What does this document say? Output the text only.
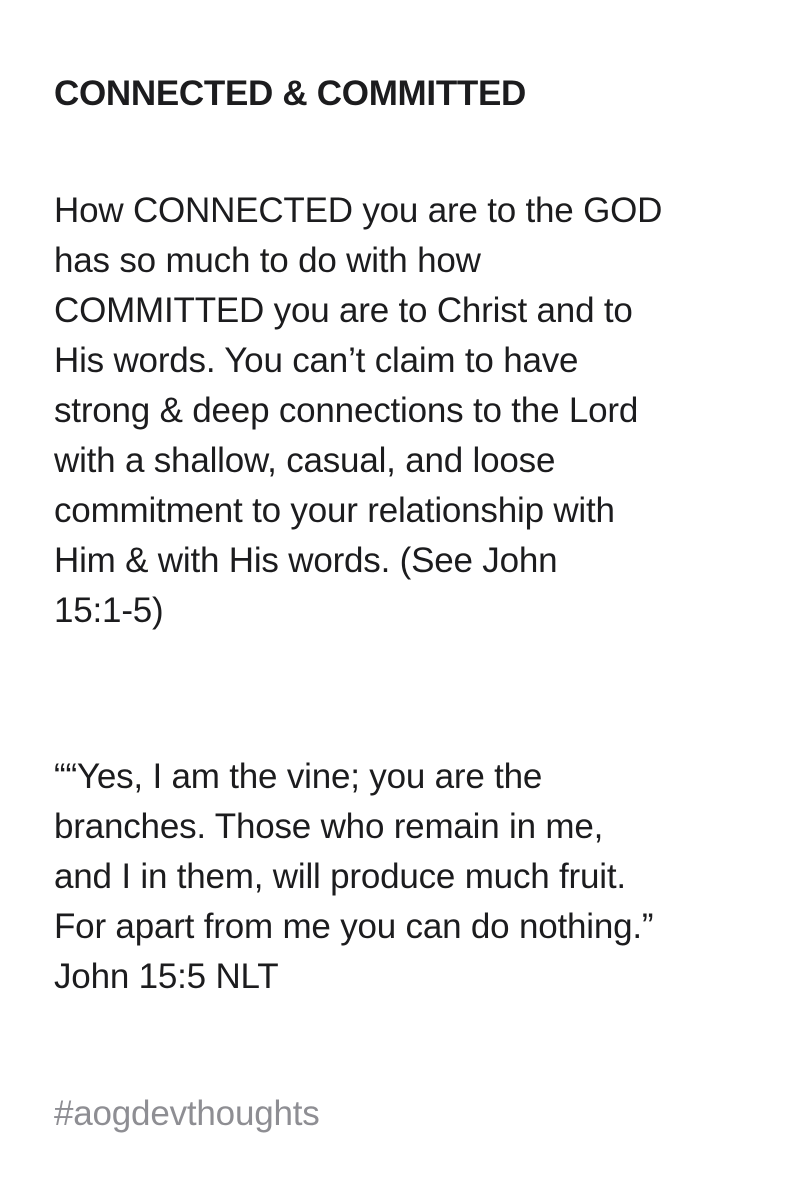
CONNECTED & COMMITTED
How CONNECTED you are to the GOD
has so much to do with how
COMMITTED you are to Christ and to
His words. You can’t claim to have
strong & deep connections to the Lord
with a shallow, casual, and loose
commitment to your relationship with
Him & with His words. (See John
15:1-5)
““Yes, I am the vine; you are the
branches. Those who remain in me,
and I in them, will produce much fruit.
For apart from me you can do nothing.”
John 15:5 NLT
#aogdevthoughts
